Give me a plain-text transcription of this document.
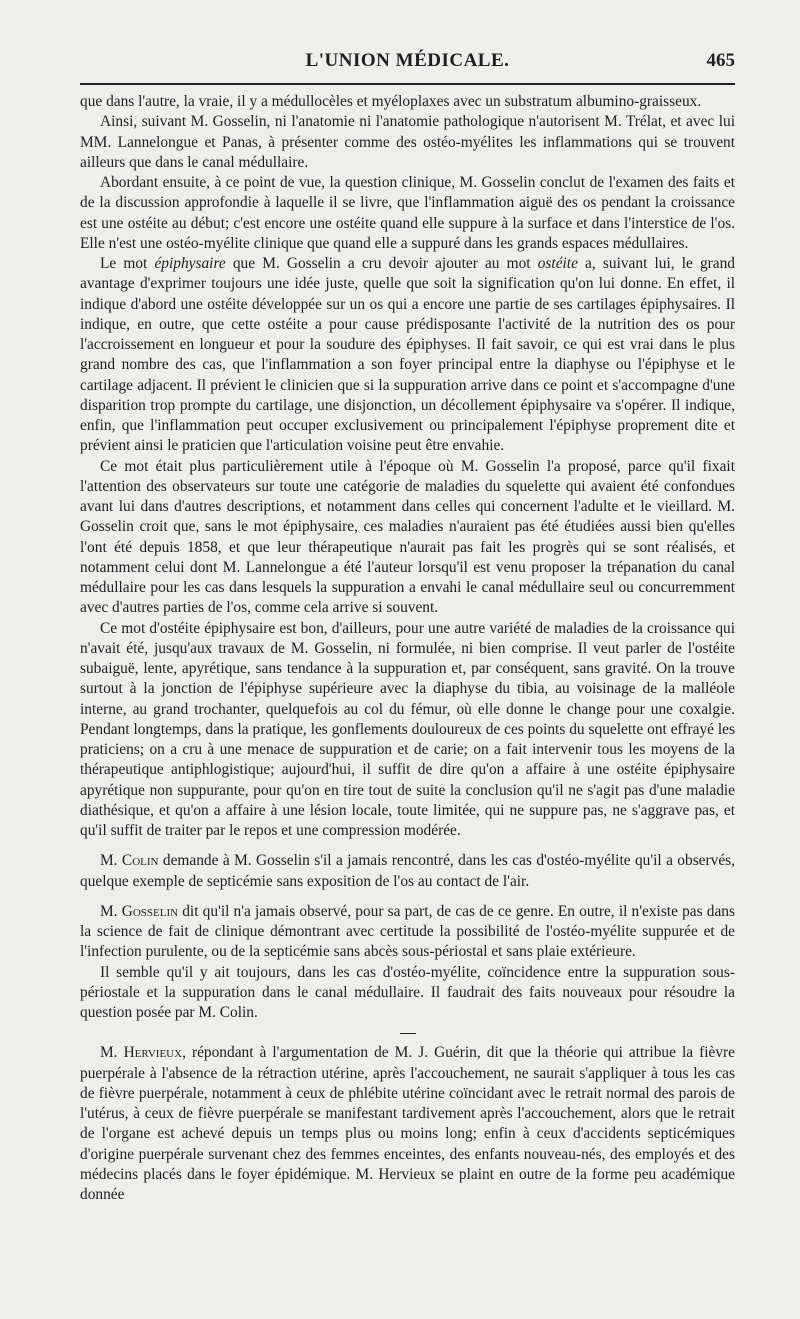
L'UNION MÉDICALE.	465

que dans l'autre, la vraie, il y a médullocèles et myéloplaxes avec un substratum albumino-graisseux.

Ainsi, suivant M. Gosselin, ni l'anatomie ni l'anatomie pathologique n'autorisent M. Trélat, et avec lui MM. Lannelongue et Panas, à présenter comme des ostéo-myélites les inflammations qui se trouvent ailleurs que dans le canal médullaire.

Abordant ensuite, à ce point de vue, la question clinique, M. Gosselin conclut de l'examen des faits et de la discussion approfondie à laquelle il se livre, que l'inflammation aiguë des os pendant la croissance est une ostéite au début; c'est encore une ostéite quand elle suppure à la surface et dans l'interstice de l'os. Elle n'est une ostéo-myélite clinique que quand elle a suppuré dans les grands espaces médullaires.

Le mot épiphysaire que M. Gosselin a cru devoir ajouter au mot ostéite a, suivant lui, le grand avantage d'exprimer toujours une idée juste, quelle que soit la signification qu'on lui donne. En effet, il indique d'abord une ostéite développée sur un os qui a encore une partie de ses cartilages épiphysaires. Il indique, en outre, que cette ostéite a pour cause prédisposante l'activité de la nutrition des os pour l'accroissement en longueur et pour la soudure des épiphyses. Il fait savoir, ce qui est vrai dans le plus grand nombre des cas, que l'inflammation a son foyer principal entre la diaphyse ou l'épiphyse et le cartilage adjacent. Il prévient le clinicien que si la suppuration arrive dans ce point et s'accompagne d'une disparition trop prompte du cartilage, une disjonction, un décollement épiphysaire va s'opérer. Il indique, enfin, que l'inflammation peut occuper exclusivement ou principalement l'épiphyse proprement dite et prévient ainsi le praticien que l'articulation voisine peut être envahie.

Ce mot était plus particulièrement utile à l'époque où M. Gosselin l'a proposé, parce qu'il fixait l'attention des observateurs sur toute une catégorie de maladies du squelette qui avaient été confondues avant lui dans d'autres descriptions, et notamment dans celles qui concernent l'adulte et le vieillard. M. Gosselin croit que, sans le mot épiphysaire, ces maladies n'auraient pas été étudiées aussi bien qu'elles l'ont été depuis 1858, et que leur thérapeutique n'aurait pas fait les progrès qui se sont réalisés, et notamment celui dont M. Lannelongue a été l'auteur lorsqu'il est venu proposer la trépanation du canal médullaire pour les cas dans lesquels la suppuration a envahi le canal médullaire seul ou concurremment avec d'autres parties de l'os, comme cela arrive si souvent.

Ce mot d'ostéite épiphysaire est bon, d'ailleurs, pour une autre variété de maladies de la croissance qui n'avait été, jusqu'aux travaux de M. Gosselin, ni formulée, ni bien comprise. Il veut parler de l'ostéite subaiguë, lente, apyrétique, sans tendance à la suppuration et, par conséquent, sans gravité. On la trouve surtout à la jonction de l'épiphyse supérieure avec la diaphyse du tibia, au voisinage de la malléole interne, au grand trochanter, quelquefois au col du fémur, où elle donne le change pour une coxalgie. Pendant longtemps, dans la pratique, les gonflements douloureux de ces points du squelette ont effrayé les praticiens; on a cru à une menace de suppuration et de carie; on a fait intervenir tous les moyens de la thérapeutique antiphlogistique; aujourd'hui, il suffit de dire qu'on a affaire à une ostéite épiphysaire apyrétique non suppurante, pour qu'on en tire tout de suite la conclusion qu'il ne s'agit pas d'une maladie diathésique, et qu'on a affaire à une lésion locale, toute limitée, qui ne suppure pas, ne s'aggrave pas, et qu'il suffit de traiter par le repos et une compression modérée.

M. Colin demande à M. Gosselin s'il a jamais rencontré, dans les cas d'ostéo-myélite qu'il a observés, quelque exemple de septicémie sans exposition de l'os au contact de l'air.

M. Gosselin dit qu'il n'a jamais observé, pour sa part, de cas de ce genre. En outre, il n'existe pas dans la science de fait de clinique démontrant avec certitude la possibilité de l'ostéo-myélite suppurée et de l'infection purulente, ou de la septicémie sans abcès sous-périostal et sans plaie extérieure.

Il semble qu'il y ait toujours, dans les cas d'ostéo-myélite, coïncidence entre la suppuration sous-périostale et la suppuration dans le canal médullaire. Il faudrait des faits nouveaux pour résoudre la question posée par M. Colin.

M. Hervieux, répondant à l'argumentation de M. J. Guérin, dit que la théorie qui attribue la fièvre puerpérale à l'absence de la rétraction utérine, après l'accouchement, ne saurait s'appliquer à tous les cas de fièvre puerpérale, notamment à ceux de phlébite utérine coïncidant avec le retrait normal des parois de l'utérus, à ceux de fièvre puerpérale se manifestant tardivement après l'accouchement, alors que le retrait de l'organe est achevé depuis un temps plus ou moins long; enfin à ceux d'accidents septicémiques d'origine puerpérale survenant chez des femmes enceintes, des enfants nouveau-nés, des employés et des médecins placés dans le foyer épidémique. M. Hervieux se plaint en outre de la forme peu académique donnée
